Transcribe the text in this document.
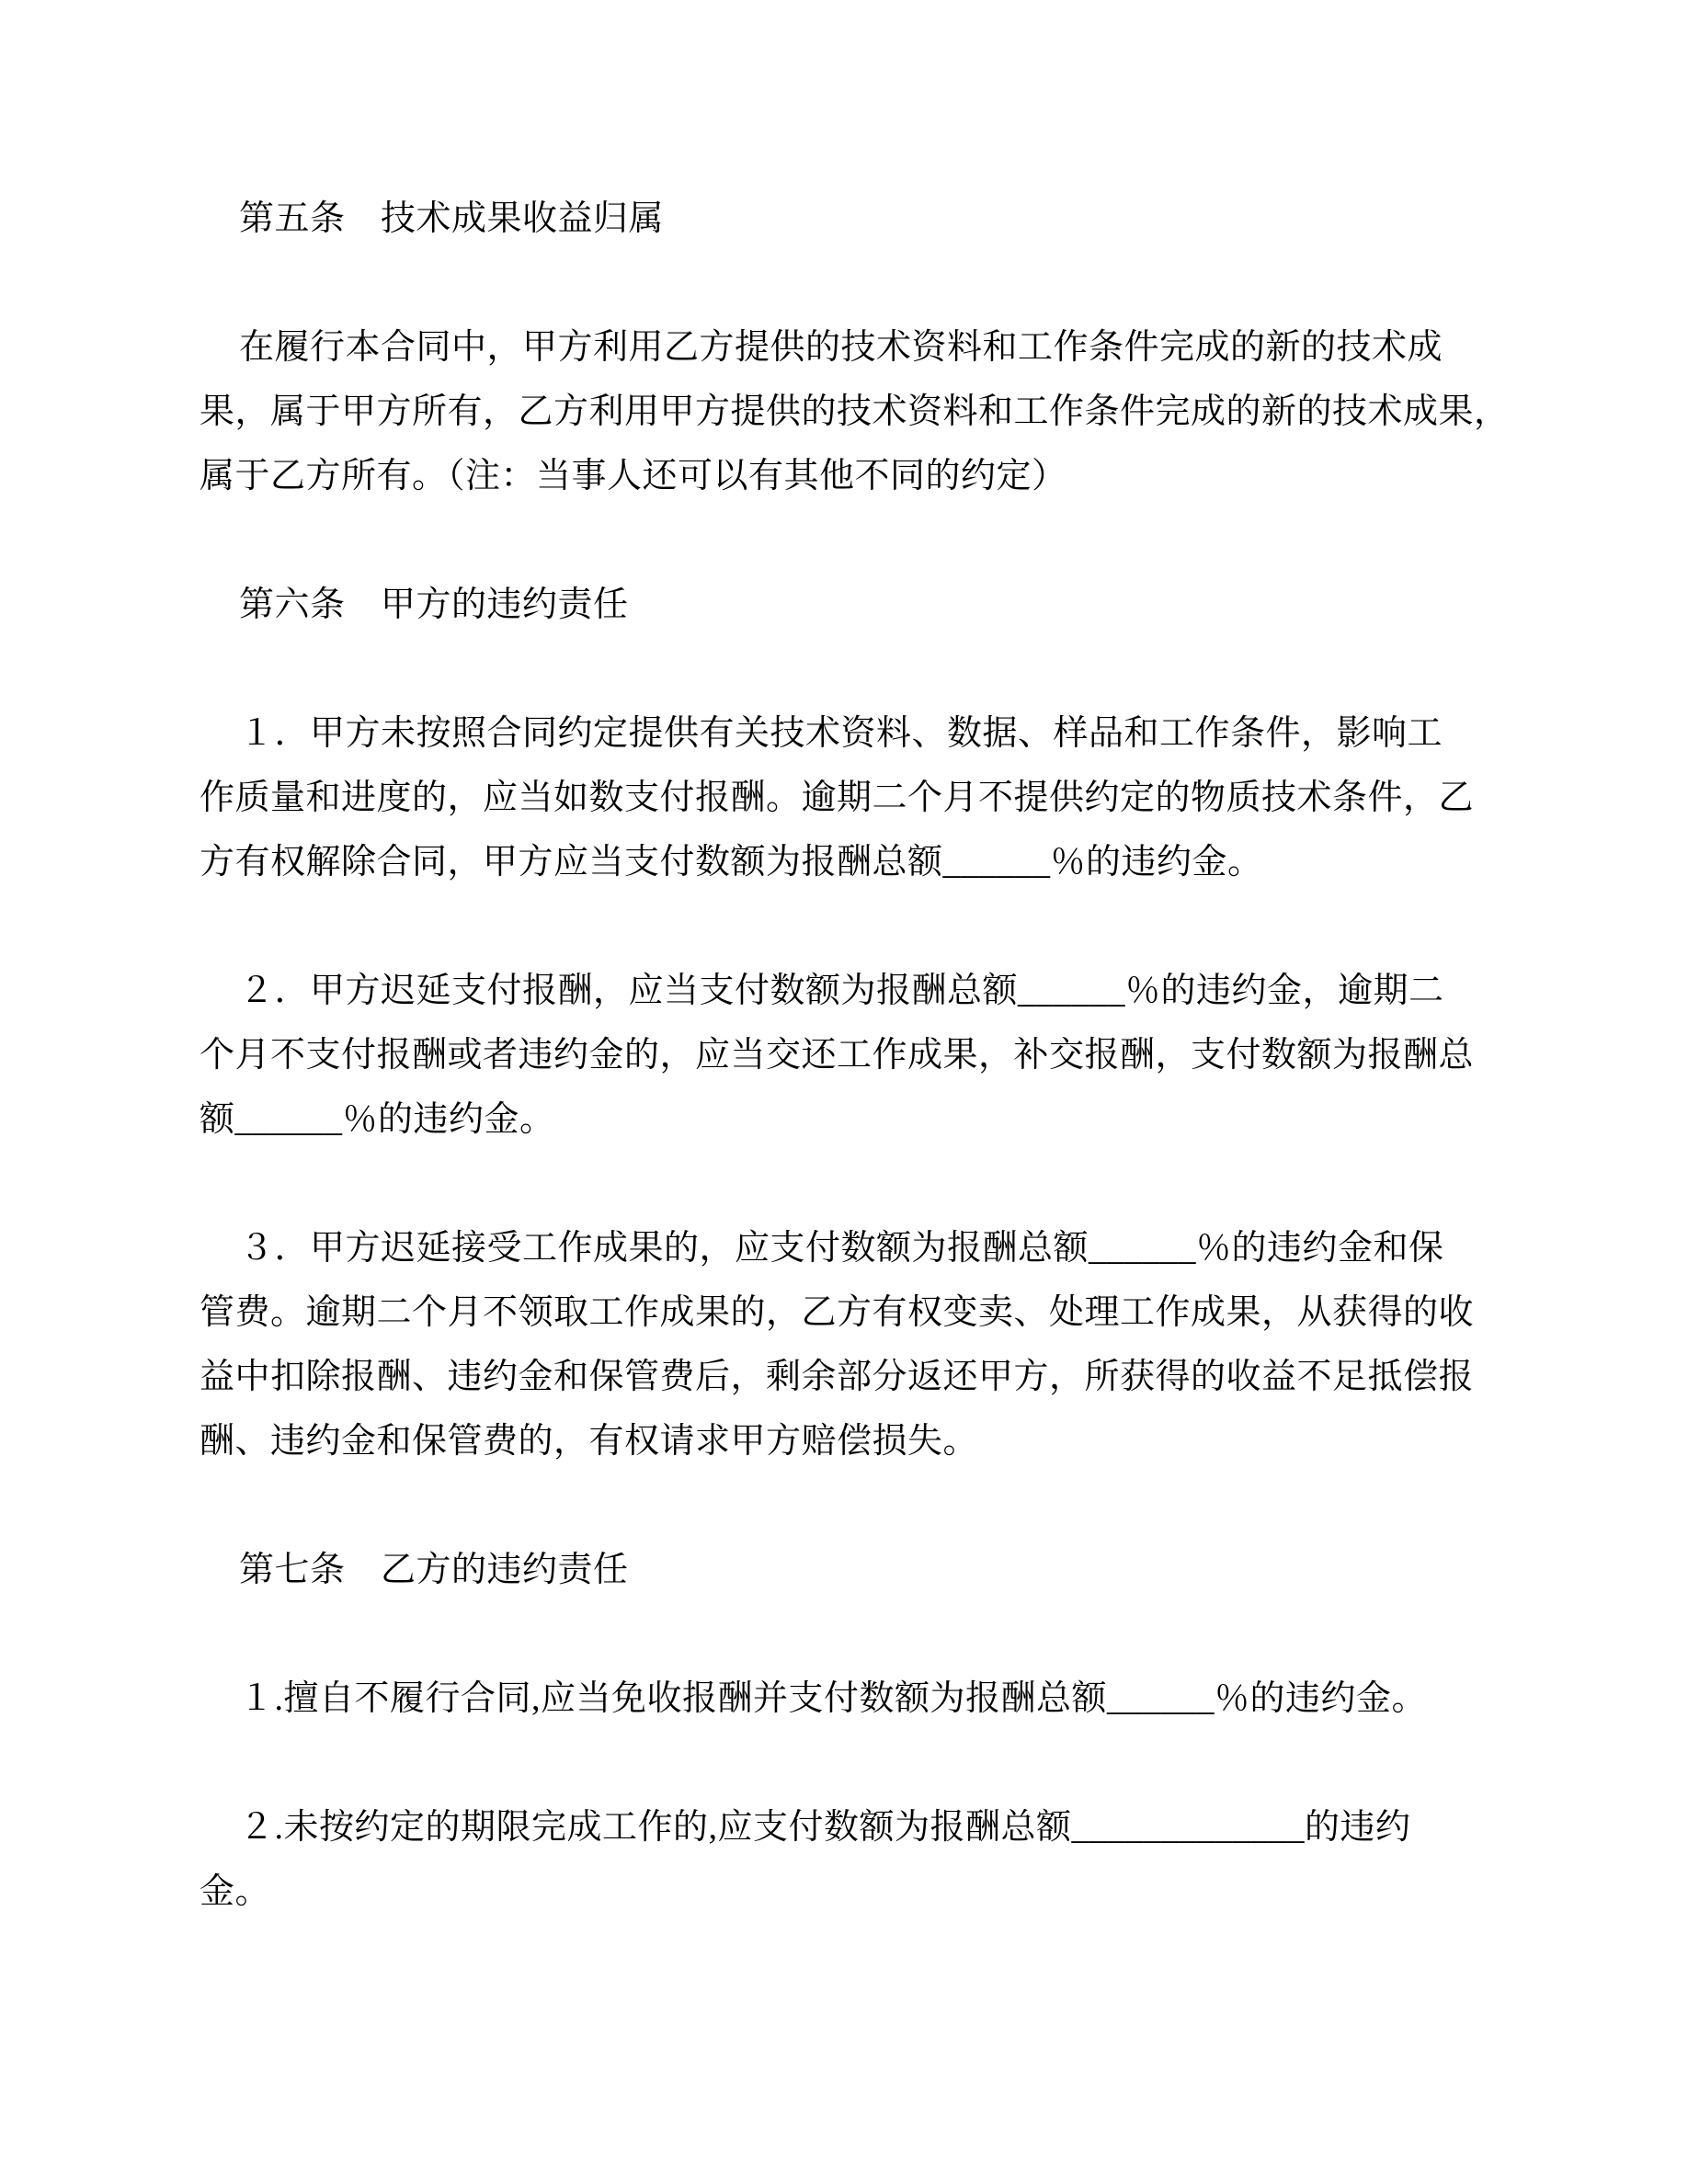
第五条　技术成果收益归属

在履行本合同中，甲方利用乙方提供的技术资料和工作条件完成的新的技术成
果，属于甲方所有，乙方利用甲方提供的技术资料和工作条件完成的新的技术成果，
属于乙方所有。（注：当事人还可以有其他不同的约定）

第六条　甲方的违约责任

１．甲方未按照合同约定提供有关技术资料、数据、样品和工作条件，影响工
作质量和进度的，应当如数支付报酬。逾期二个月不提供约定的物质技术条件，乙
方有权解除合同，甲方应当支付数额为报酬总额______％的违约金。

２．甲方迟延支付报酬，应当支付数额为报酬总额______％的违约金，逾期二
个月不支付报酬或者违约金的，应当交还工作成果，补交报酬，支付数额为报酬总
额______％的违约金。

３．甲方迟延接受工作成果的，应支付数额为报酬总额______％的违约金和保
管费。逾期二个月不领取工作成果的，乙方有权变卖、处理工作成果，从获得的收
益中扣除报酬、违约金和保管费后，剩余部分返还甲方，所获得的收益不足抵偿报
酬、违约金和保管费的，有权请求甲方赔偿损失。

第七条　乙方的违约责任

１.擅自不履行合同,应当免收报酬并支付数额为报酬总额______％的违约金。

２.未按约定的期限完成工作的,应支付数额为报酬总额_____________的违约
金。
